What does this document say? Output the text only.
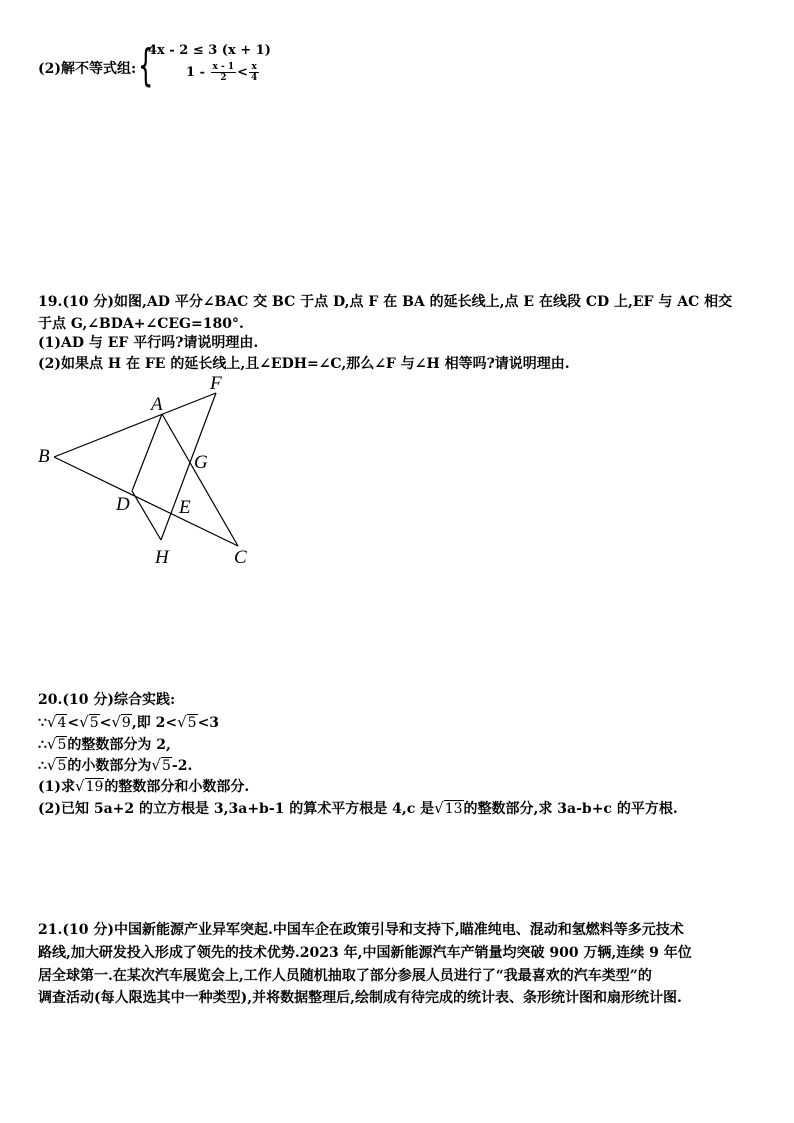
(2)解不等式组: {
4x - 2 ≤ 3 (x + 1)
$1 - \frac{x - 1}{2} < \frac{x}{4}$
19.(10 分)如图,AD 平分∠BAC 交 BC 于点 D,点 F 在 BA 的延长线上,点 E 在线段 CD 上,EF 与 AC 相交
于点 G,∠BDA+∠CEG=180°.
(1)AD 与 EF 平行吗?请说明理由.
(2)如果点 H 在 FE 的延长线上,且∠EDH=∠C,那么∠F 与∠H 相等吗?请说明理由.
F
A
B	G
D	E
H	C
20.(10 分)综合实践:
∵√4<√5<√9,即 2<√5<3
∴√5的整数部分为 2,
∴√5的小数部分为√5-2.
(1)求√19的整数部分和小数部分.
(2)已知 5a+2 的立方根是 3,3a+b-1 的算术平方根是 4,c 是√13的整数部分,求 3a-b+c 的平方根.
21.(10 分)中国新能源产业异军突起.中国车企在政策引导和支持下,瞄准纯电、混动和氢燃料等多元技术
路线,加大研发投入形成了领先的技术优势.2023 年,中国新能源汽车产销量均突破 900 万辆,连续 9 年位
居全球第一.在某次汽车展览会上,工作人员随机抽取了部分参展人员进行了“我最喜欢的汽车类型”的
调查活动(每人限选其中一种类型),并将数据整理后,绘制成有待完成的统计表、条形统计图和扇形统计图.
